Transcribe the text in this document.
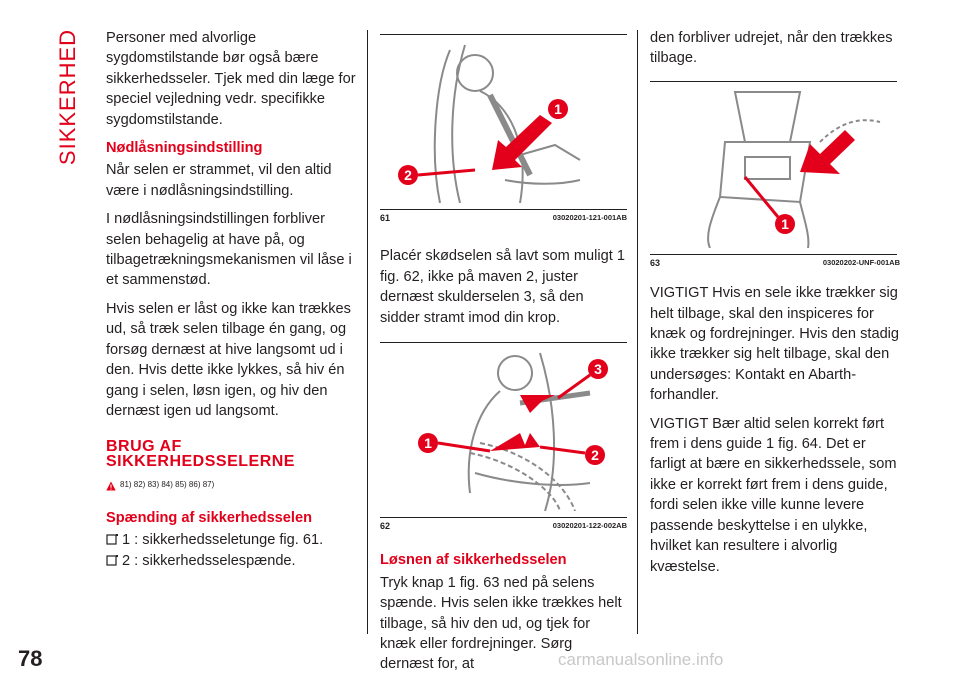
SIKKERHED Personer med alvorlige sygdomstilstande bør også bære sikkerhedsseler. Tjek med din læge for speciel vejledning vedr. specifikke sygdomstilstande.

Nødlåsningsindstilling

Når selen er strammet, vil den altid være i nødlåsningsindstilling.

I nødlåsningsindstillingen forbliver selen behagelig at have på, og tilbagetrækningsmekanismen vil låse i et sammenstød.

Hvis selen er låst og ikke kan trækkes ud, så træk selen tilbage én gang, og forsøg dernæst at hive langsomt ud i den. Hvis dette ikke lykkes, så hiv én gang i selen, løsn igen, og hiv den dernæst igen ud langsomt.

BRUG AF SIKKERHEDSSELERNE
81) 82) 83) 84) 85) 86) 87)
Spænding af sikkerhedsselen
1 : sikkerhedsseletunge fig. 61.
2 : sikkerhedsselespænde.
1
2
61	03020201-121-001AB

Placér skødselen så lavt som muligt 1 fig. 62, ikke på maven 2, juster dernæst skulderselen 3, så den sidder stramt imod din krop.

3
1
2
62	03020201-122-002AB
Løsnen af sikkerhedsselen

Tryk knap 1 fig. 63 ned på selens spænde. Hvis selen ikke trækkes helt tilbage, så hiv den ud, og tjek for knæk eller fordrejninger. Sørg dernæst for, at

den forbliver udrejet, når den trækkes tilbage.

1
63	03020202-UNF-001AB

VIGTIGT Hvis en sele ikke trækker sig helt tilbage, skal den inspiceres for knæk og fordrejninger. Hvis den stadig ikke trækker sig helt tilbage, skal den undersøges: Kontakt en Abarth-forhandler.

VIGTIGT Bær altid selen korrekt ført frem i dens guide 1 fig. 64. Det er farligt at bære en sikkerhedssele, som ikke er korrekt ført frem i dens guide, fordi selen ikke ville kunne levere passende beskyttelse i en ulykke, hvilket kan resultere i alvorlig kvæstelse.

78	carmanualsonline.info
